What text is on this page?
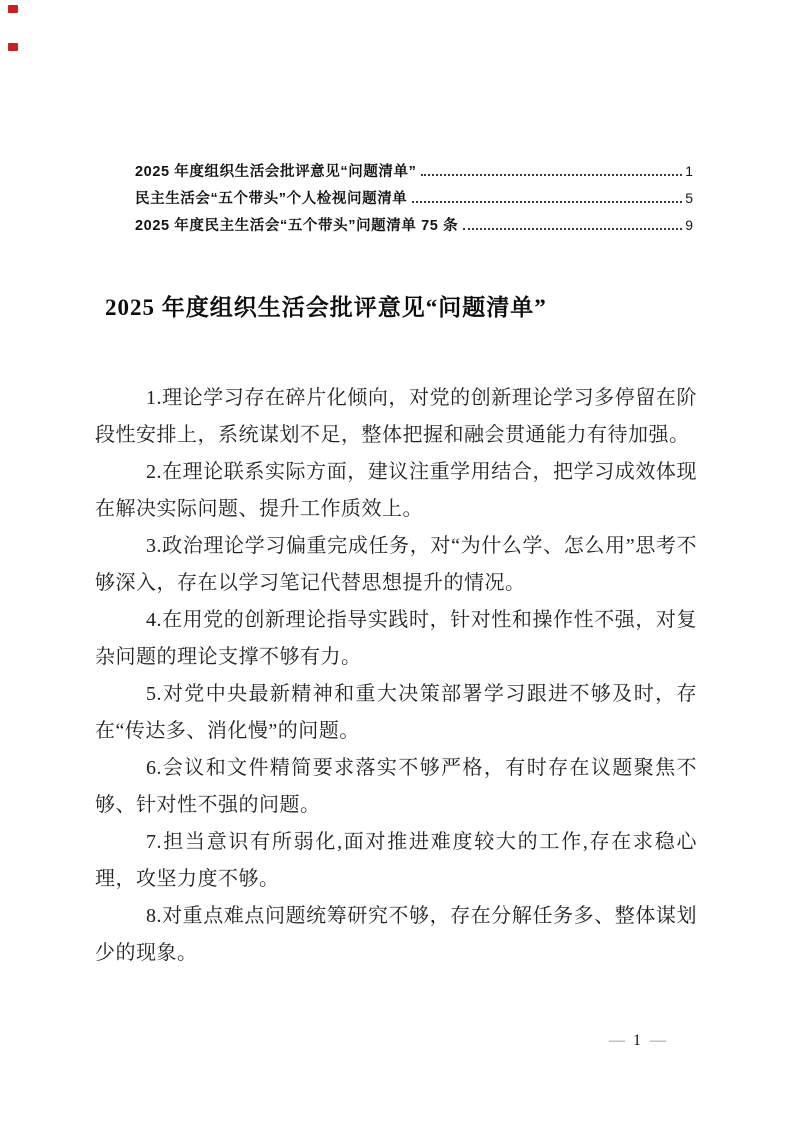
2025 年度组织生活会批评意见“问题清单”	1
民主生活会“五个带头”个人检视问题清单	5
2025 年度民主生活会“五个带头”问题清单 75 条	9
2025 年度组织生活会批评意见“问题清单”

1.理论学习存在碎片化倾向，对党的创新理论学习多停留在阶段性安排上，系统谋划不足，整体把握和融会贯通能力有待加强。

2.在理论联系实际方面，建议注重学用结合，把学习成效体现在解决实际问题、提升工作质效上。

3.政治理论学习偏重完成任务，对“为什么学、怎么用”思考不够深入，存在以学习笔记代替思想提升的情况。

4.在用党的创新理论指导实践时，针对性和操作性不强，对复杂问题的理论支撑不够有力。

5.对党中央最新精神和重大决策部署学习跟进不够及时，存在“传达多、消化慢”的问题。

6.会议和文件精简要求落实不够严格，有时存在议题聚焦不够、针对性不强的问题。

7.担当意识有所弱化,面对推进难度较大的工作,存在求稳心理，攻坚力度不够。

8.对重点难点问题统筹研究不够，存在分解任务多、整体谋划少的现象。

— 1 —
